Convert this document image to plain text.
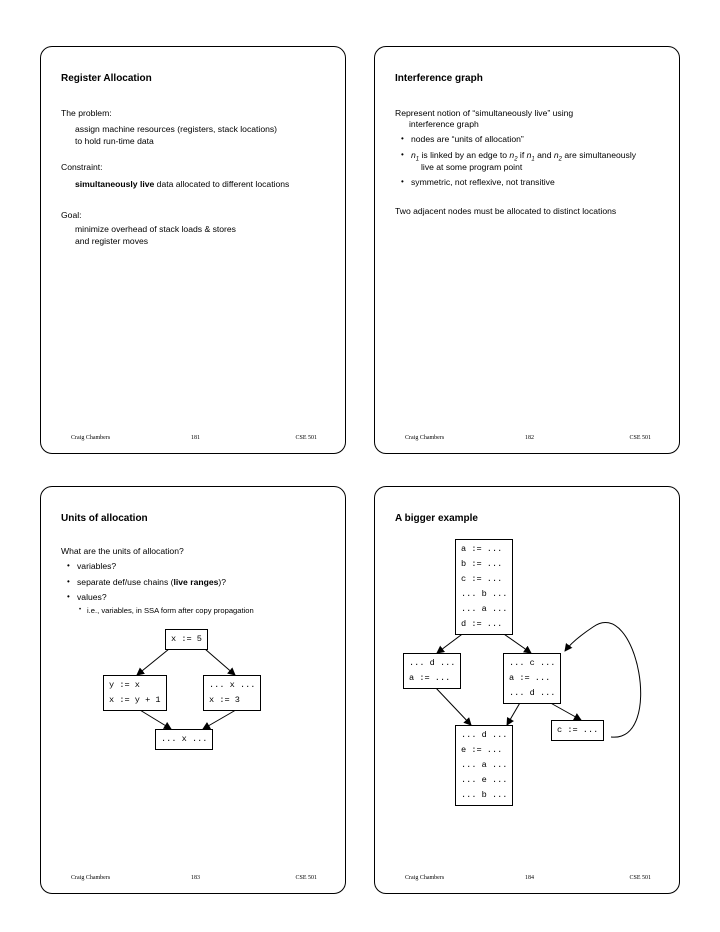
Register Allocation
The problem:
assign machine resources (registers, stack locations)
to hold run-time data
Constraint:
simultaneously live data allocated to different locations
Goal:
minimize overhead of stack loads & stores
and register moves
Craig Chambers	181	CSE 501
Interference graph
Represent notion of “simultaneously live” using
interference graph
• nodes are “units of allocation”
• $n_1$ is linked by an edge to $n_2$ if $n_1$ and $n_2$ are simultaneously
live at some program point
• symmetric, not reflexive, not transitive
Two adjacent nodes must be allocated to distinct locations
Craig Chambers	182	CSE 501
Units of allocation
What are the units of allocation?
• variables?
• separate def/use chains (live ranges)?
• values?
• i.e., variables, in SSA form after copy propagation
x := 5
y := x
x := y + 1
... x ...
x := 3
... x ...
Craig Chambers	183	CSE 501
A bigger example
a := ...
b := ...
c := ...
... b ...
... a ...
d := ...
... d ...
a := ...
... c ...
a := ...
... d ...
c := ...
... d ...
e := ...
... a ...
... e ...
... b ...
Craig Chambers	184	CSE 501
